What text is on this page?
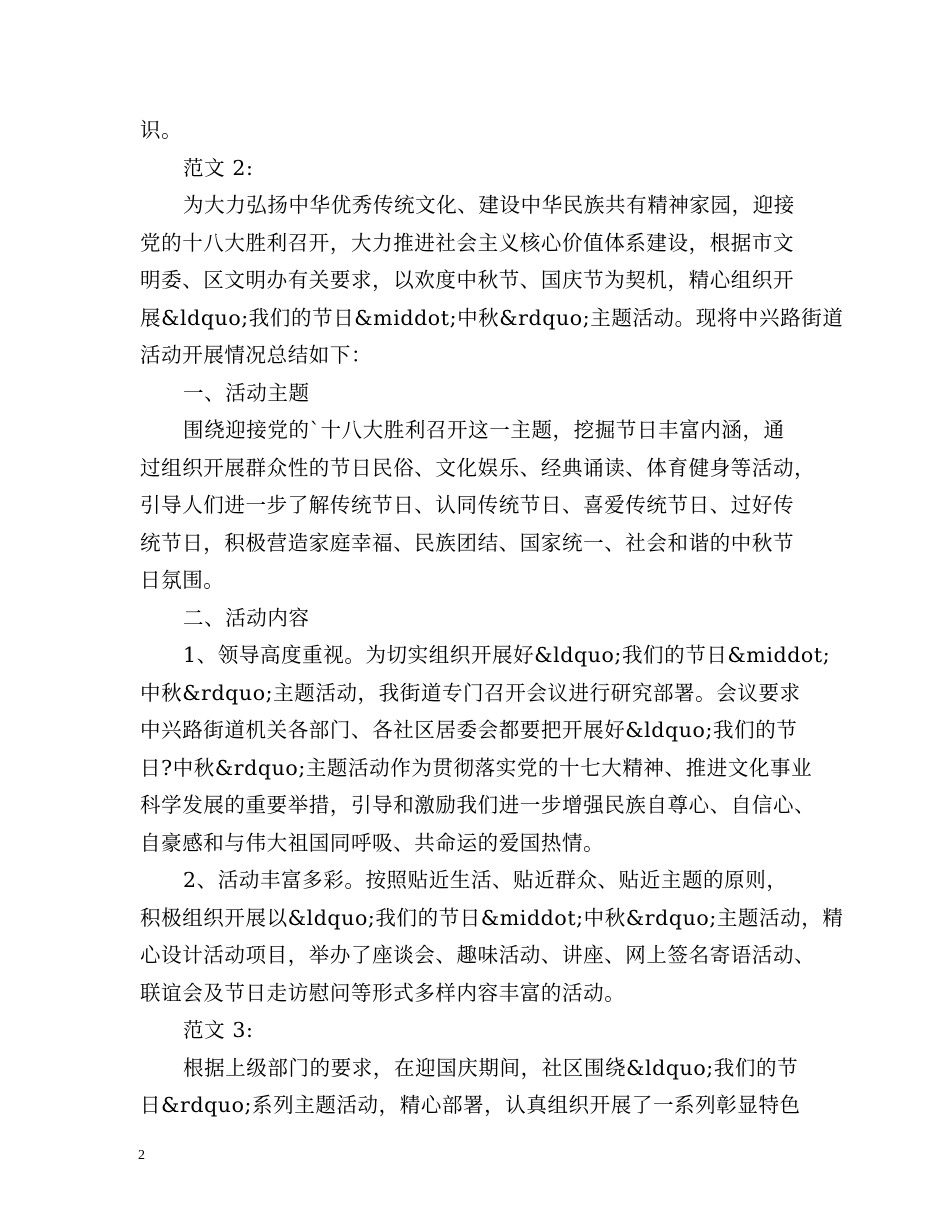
识。
范文 2:
为大力弘扬中华优秀传统文化、建设中华民族共有精神家园，迎接
党的十八大胜利召开，大力推进社会主义核心价值体系建设，根据市文
明委、区文明办有关要求，以欢度中秋节、国庆节为契机，精心组织开
展&ldquo;我们的节日&middot;中秋&rdquo;主题活动。现将中兴路街道
活动开展情况总结如下：
一、活动主题
围绕迎接党的`十八大胜利召开这一主题，挖掘节日丰富内涵，通
过组织开展群众性的节日民俗、文化娱乐、经典诵读、体育健身等活动，
引导人们进一步了解传统节日、认同传统节日、喜爱传统节日、过好传
统节日，积极营造家庭幸福、民族团结、国家统一、社会和谐的中秋节
日氛围。
二、活动内容
1、领导高度重视。为切实组织开展好&ldquo;我们的节日&middot;
中秋&rdquo;主题活动，我街道专门召开会议进行研究部署。会议要求
中兴路街道机关各部门、各社区居委会都要把开展好&ldquo;我们的节
日?中秋&rdquo;主题活动作为贯彻落实党的十七大精神、推进文化事业
科学发展的重要举措，引导和激励我们进一步增强民族自尊心、自信心、
自豪感和与伟大祖国同呼吸、共命运的爱国热情。
2、活动丰富多彩。按照贴近生活、贴近群众、贴近主题的原则，
积极组织开展以&ldquo;我们的节日&middot;中秋&rdquo;主题活动，精
心设计活动项目，举办了座谈会、趣味活动、讲座、网上签名寄语活动、
联谊会及节日走访慰问等形式多样内容丰富的活动。
范文 3:
根据上级部门的要求，在迎国庆期间，社区围绕&ldquo;我们的节
日&rdquo;系列主题活动，精心部署，认真组织开展了一系列彰显特色
2
